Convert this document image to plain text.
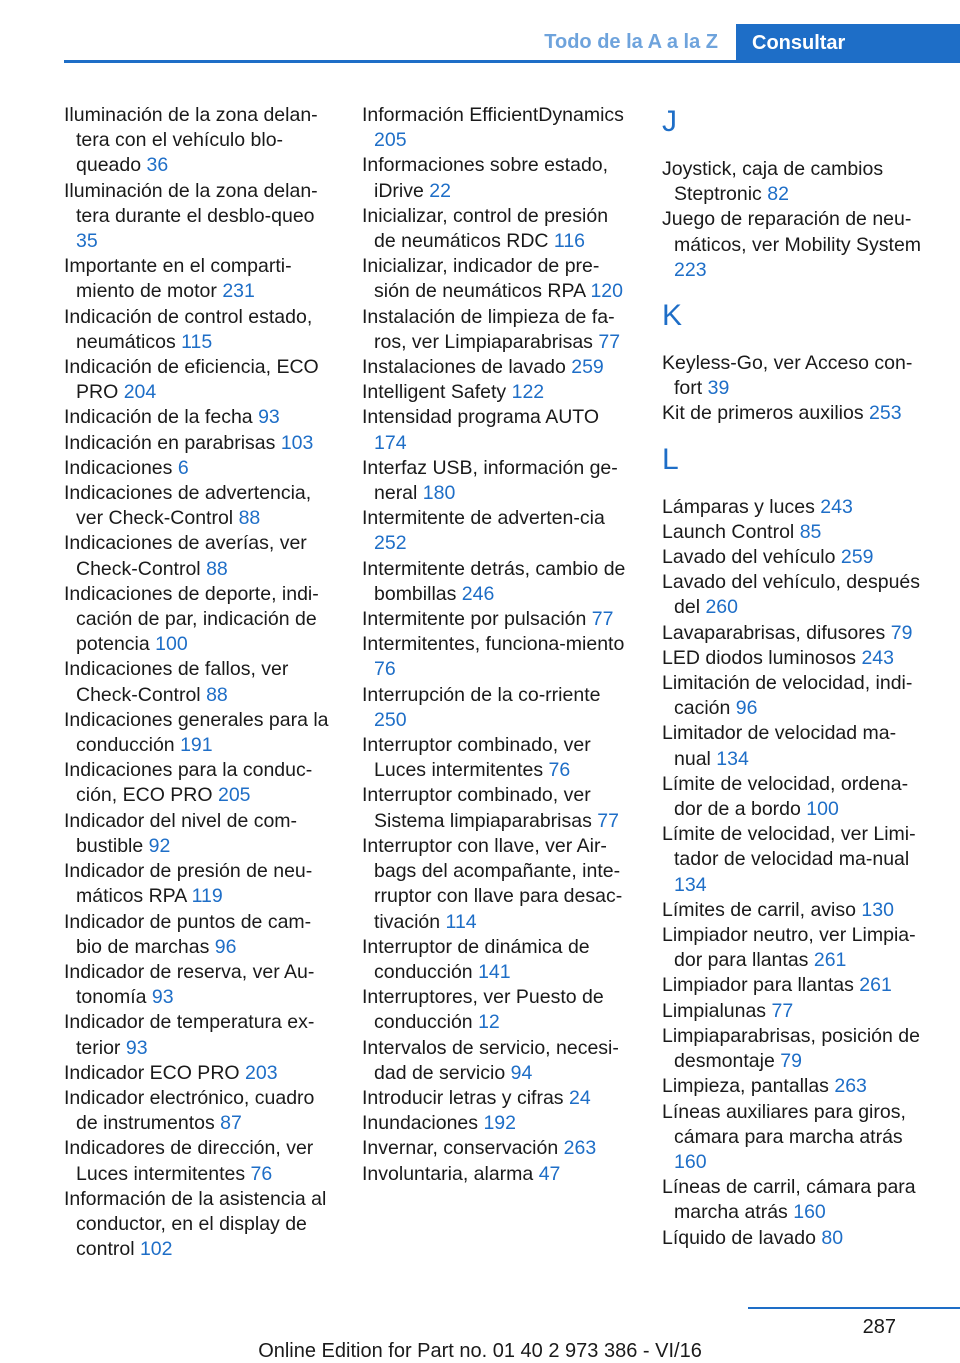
Todo de la A a la Z	Consultar
Iluminación de la zona delan-tera con el vehículo blo-queado 36
Iluminación de la zona delan-tera durante el desblo-queo 35
Importante en el comparti-miento de motor 231
Indicación de control estado, neumáticos 115
Indicación de eficiencia, ECO PRO 204
Indicación de la fecha 93
Indicación en parabrisas 103
Indicaciones 6
Indicaciones de advertencia, ver Check-Control 88
Indicaciones de averías, ver Check-Control 88
Indicaciones de deporte, indi-cación de par, indicación de potencia 100
Indicaciones de fallos, ver Check-Control 88
Indicaciones generales para la conducción 191
Indicaciones para la conduc-ción, ECO PRO 205
Indicador del nivel de com-bustible 92
Indicador de presión de neu-máticos RPA 119
Indicador de puntos de cam-bio de marchas 96
Indicador de reserva, ver Au-tonomía 93
Indicador de temperatura ex-terior 93
Indicador ECO PRO 203
Indicador electrónico, cuadro de instrumentos 87
Indicadores de dirección, ver Luces intermitentes 76
Información de la asistencia al conductor, en el display de control 102
Información EfficientDynamics 205
Informaciones sobre estado, iDrive 22
Inicializar, control de presión de neumáticos RDC 116
Inicializar, indicador de pre-sión de neumáticos RPA 120
Instalación de limpieza de fa-ros, ver Limpiaparabrisas 77
Instalaciones de lavado 259
Intelligent Safety 122
Intensidad programa AUTO 174
Interfaz USB, información ge-neral 180
Intermitente de adverten-cia 252
Intermitente detrás, cambio de bombillas 246
Intermitente por pulsación 77
Intermitentes, funciona-miento 76
Interrupción de la co-rriente 250
Interruptor combinado, ver Luces intermitentes 76
Interruptor combinado, ver Sistema limpiaparabrisas 77
Interruptor con llave, ver Air-bags del acompañante, inte-rruptor con llave para desac-tivación 114
Interruptor de dinámica de conducción 141
Interruptores, ver Puesto de conducción 12
Intervalos de servicio, necesi-dad de servicio 94
Introducir letras y cifras 24
Inundaciones 192
Invernar, conservación 263
Involuntaria, alarma 47
J
Joystick, caja de cambios Steptronic 82
Juego de reparación de neu-máticos, ver Mobility System 223
K
Keyless-Go, ver Acceso con-fort 39
Kit de primeros auxilios 253
L
Lámparas y luces 243
Launch Control 85
Lavado del vehículo 259
Lavado del vehículo, después del 260
Lavaparabrisas, difusores 79
LED diodos luminosos 243
Limitación de velocidad, indi-cación 96
Limitador de velocidad ma-nual 134
Límite de velocidad, ordena-dor de a bordo 100
Límite de velocidad, ver Limi-tador de velocidad ma-nual 134
Límites de carril, aviso 130
Limpiador neutro, ver Limpia-dor para llantas 261
Limpiador para llantas 261
Limpialunas 77
Limpiaparabrisas, posición de desmontaje 79
Limpieza, pantallas 263
Líneas auxiliares para giros, cámara para marcha atrás 160
Líneas de carril, cámara para marcha atrás 160
Líquido de lavado 80
287
Online Edition for Part no. 01 40 2 973 386 - VI/16
